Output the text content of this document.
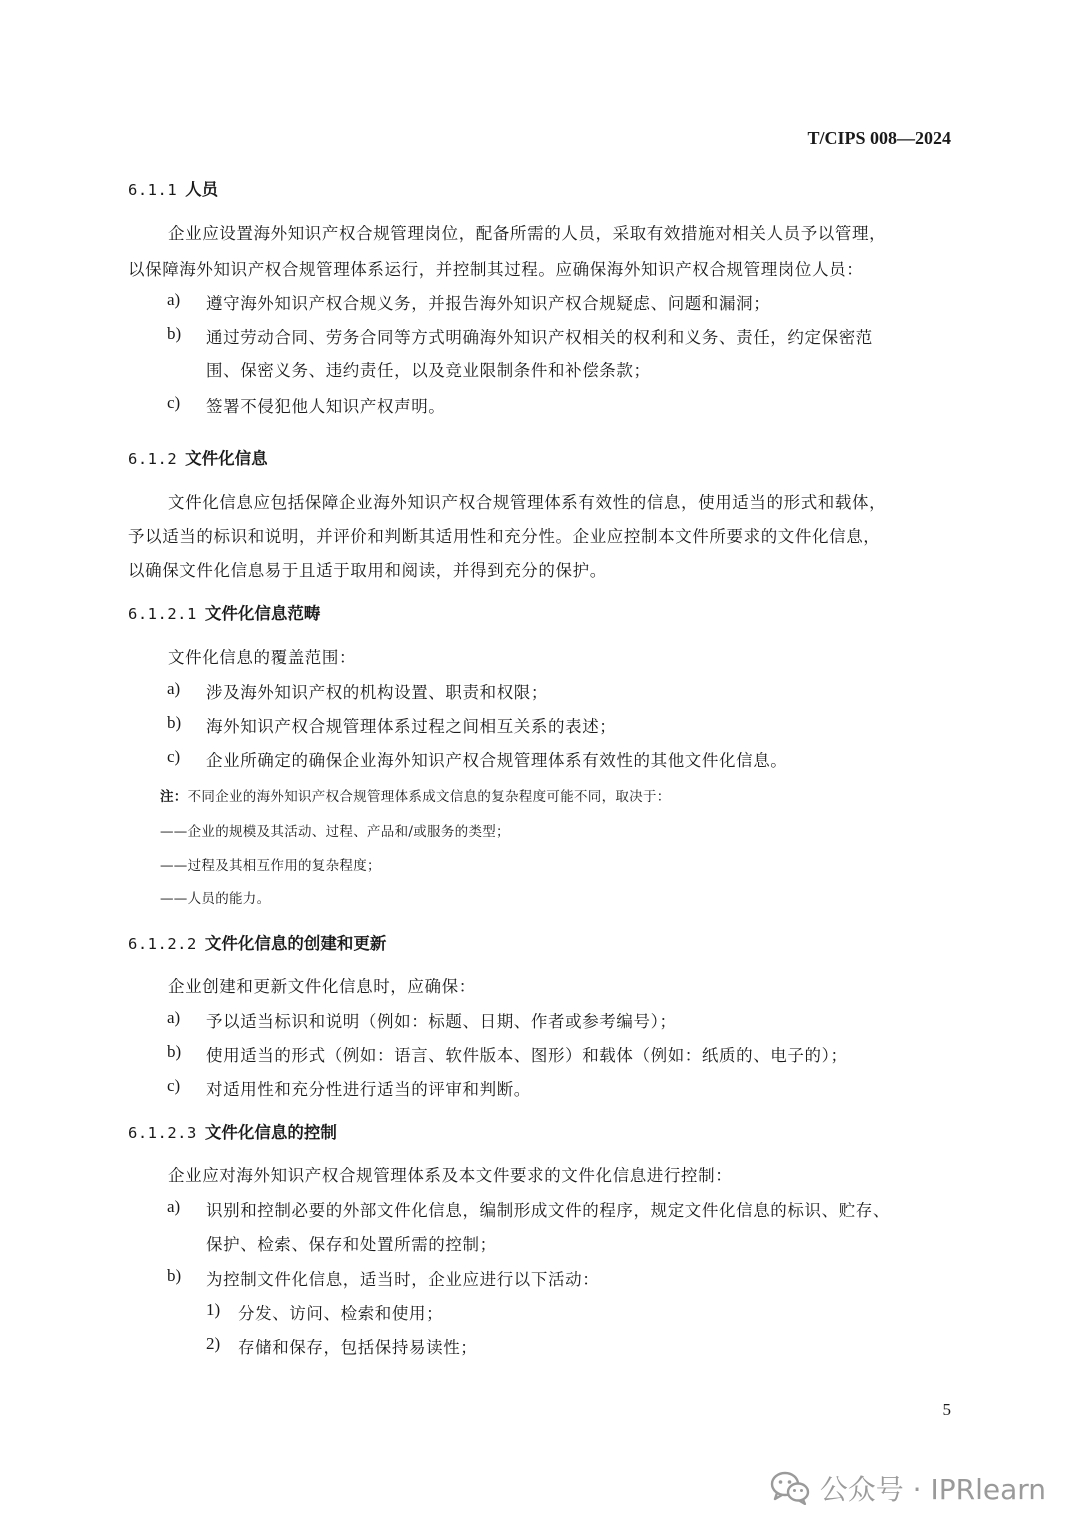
T/CIPS 008—2024
6.1.1 人员
企业应设置海外知识产权合规管理岗位，配备所需的人员，采取有效措施对相关人员予以管理，
以保障海外知识产权合规管理体系运行，并控制其过程。应确保海外知识产权合规管理岗位人员：
a) 遵守海外知识产权合规义务，并报告海外知识产权合规疑虑、问题和漏洞；
b) 通过劳动合同、劳务合同等方式明确海外知识产权相关的权利和义务、责任，约定保密范
围、保密义务、违约责任，以及竞业限制条件和补偿条款；
c) 签署不侵犯他人知识产权声明。
6.1.2 文件化信息
文件化信息应包括保障企业海外知识产权合规管理体系有效性的信息，使用适当的形式和载体，
予以适当的标识和说明，并评价和判断其适用性和充分性。企业应控制本文件所要求的文件化信息，
以确保文件化信息易于且适于取用和阅读，并得到充分的保护。
6.1.2.1 文件化信息范畴
文件化信息的覆盖范围：
a) 涉及海外知识产权的机构设置、职责和权限；
b) 海外知识产权合规管理体系过程之间相互关系的表述；
c) 企业所确定的确保企业海外知识产权合规管理体系有效性的其他文件化信息。
注：不同企业的海外知识产权合规管理体系成文信息的复杂程度可能不同，取决于：
——企业的规模及其活动、过程、产品和/或服务的类型；
——过程及其相互作用的复杂程度；
——人员的能力。
6.1.2.2 文件化信息的创建和更新
企业创建和更新文件化信息时，应确保：
a) 予以适当标识和说明（例如：标题、日期、作者或参考编号）；
b) 使用适当的形式（例如：语言、软件版本、图形）和载体（例如：纸质的、电子的）；
c) 对适用性和充分性进行适当的评审和判断。
6.1.2.3 文件化信息的控制
企业应对海外知识产权合规管理体系及本文件要求的文件化信息进行控制：
a) 识别和控制必要的外部文件化信息，编制形成文件的程序，规定文件化信息的标识、贮存、
保护、检索、保存和处置所需的控制；
b) 为控制文件化信息，适当时，企业应进行以下活动：
1) 分发、访问、检索和使用；
2) 存储和保存，包括保持易读性；
5
公众号 · IPRlearn
